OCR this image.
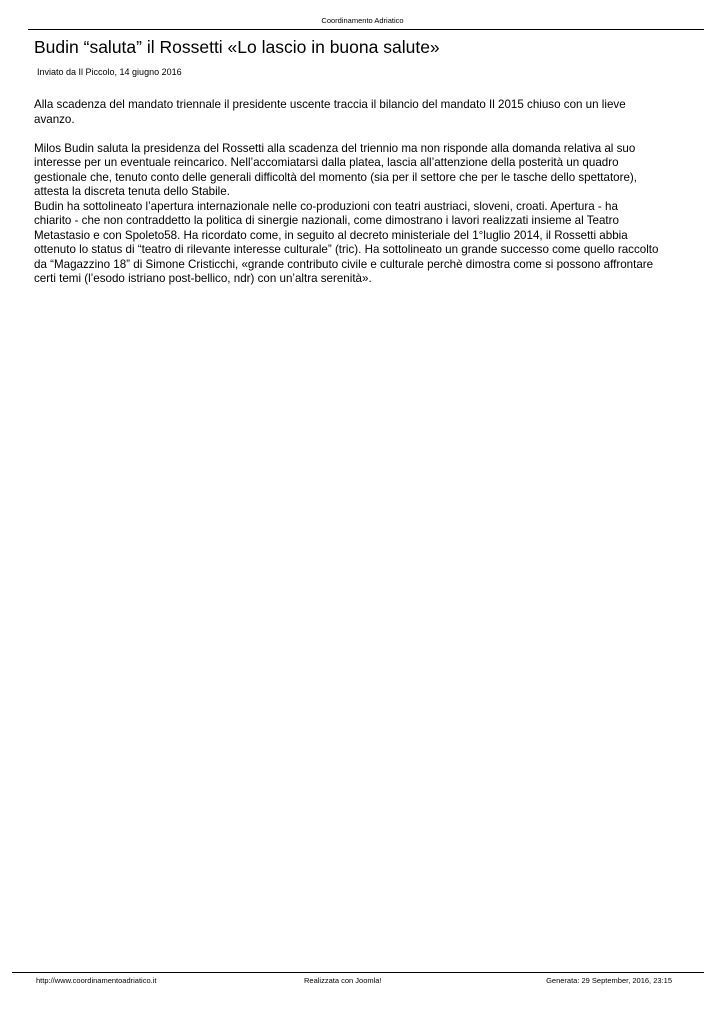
Coordinamento Adriatico
Budin “saluta” il Rossetti «Lo lascio in buona salute»
Inviato da Il Piccolo, 14 giugno 2016

Alla scadenza del mandato triennale il presidente uscente traccia il bilancio del mandato Il 2015 chiuso con un lieve

avanzo.

Milos Budin saluta la presidenza del Rossetti alla scadenza del triennio ma non risponde alla domanda relativa al suo

interesse per un eventuale reincarico. Nell’accomiatarsi dalla platea, lascia all’attenzione della posterità un quadro

gestionale che, tenuto conto delle generali difficoltà del momento (sia per il settore che per le tasche dello spettatore),

attesta la discreta tenuta dello Stabile.

Budin ha sottolineato l’apertura internazionale nelle co-produzioni con teatri austriaci, sloveni, croati. Apertura - ha

chiarito - che non contraddetto la politica di sinergie nazionali, come dimostrano i lavori realizzati insieme al Teatro

Metastasio e con Spoleto58. Ha ricordato come, in seguito al decreto ministeriale del 1°luglio 2014, il Rossetti abbia

ottenuto lo status di “teatro di rilevante interesse culturale” (tric). Ha sottolineato un grande successo come quello raccolto

da “Magazzino 18” di Simone Cristicchi, «grande contributo civile e culturale perchè dimostra come si possono affrontare

certi temi (l’esodo istriano post-bellico, ndr) con un’altra serenità».

http://www.coordinamentoadriatico.it	Realizzata con Joomla!	Generata: 29 September, 2016, 23:15
